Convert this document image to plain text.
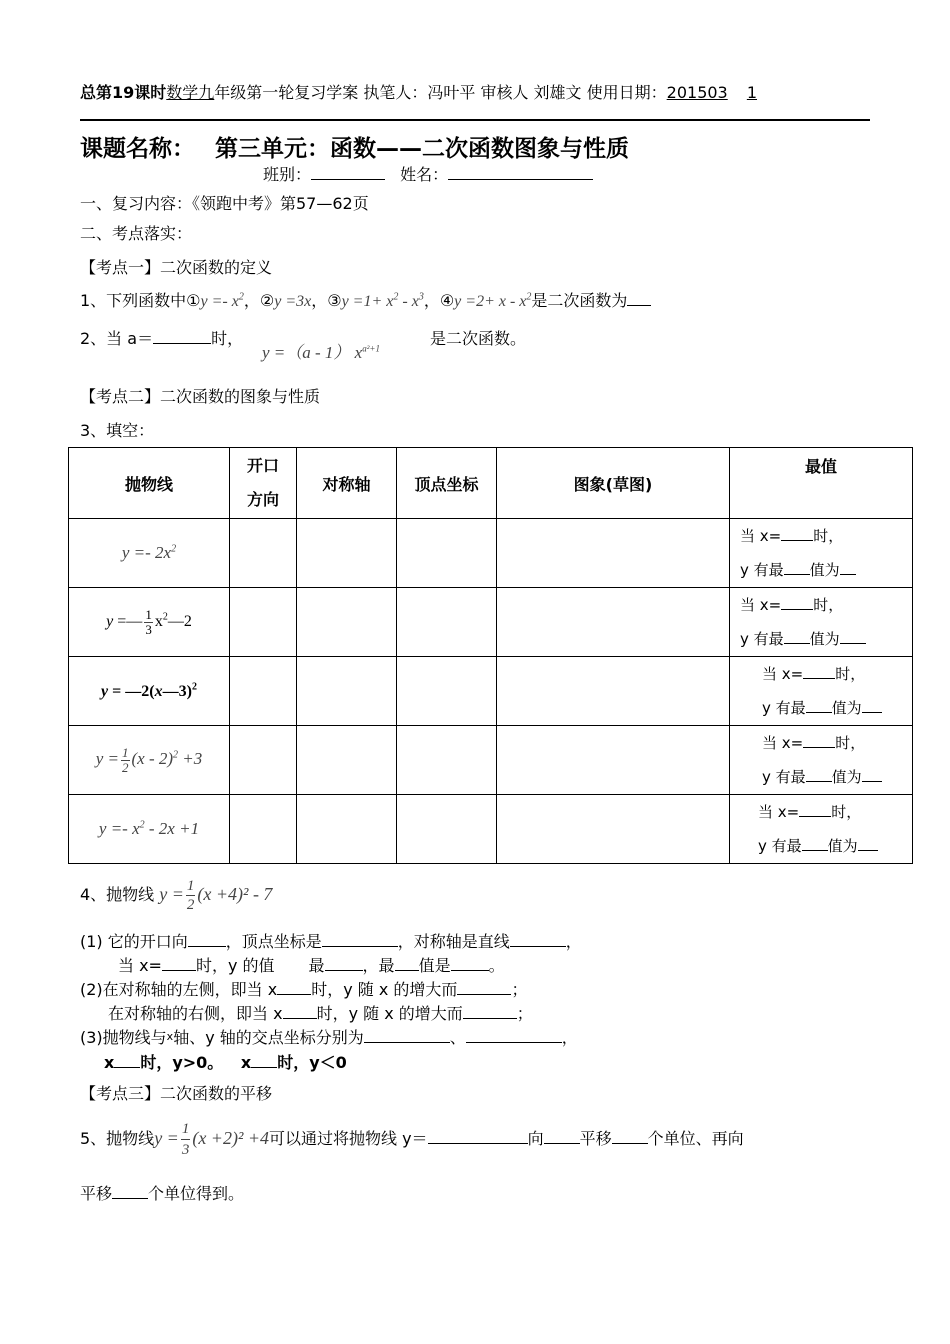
总第19课时数学九年级第一轮复习学案 执笔人：冯叶平 审核人 刘雄文 使用日期：201503 1
课题名称： 第三单元：函数——二次函数图象与性质
班别：	姓名：
一、复习内容：《领跑中考》第57—62页
二、考点落实：
【考点一】二次函数的定义
1、下列函数中①y =- $x^2$，②y =3x，③y $=1+ x^2 - x^3$，④y $=2+ x - x^2$是二次函数为
2、当 a＝	时，
y =（a - 1） $x^{a^2+1}$
是二次函数。
【考点二】二次函数的图象与性质
3、填空：
抛物线	开口
方向	对称轴	顶点坐标	图象(草图)	最值
$y =- 2x^2$					当 x= 时，
y 有最 值为
y =— $\frac{1}{3}$ $x^2—2$					当 x= 时，
y 有最 值为
y = —2(x—3)$^2$					当 x= 时，
y 有最 值为
$y = \frac{1}{2} (x - 2)^2 +3$					当 x= 时，
y 有最 值为
$y =- x^2 - 2x +1$					当 x= 时，
y 有最 值为
4、抛物线 $y = \frac{1}{2} (x +4)^2 - 7$
(1) 它的开口向 ，顶点坐标是	，对称轴是直线	，
当 x= 时，y 的值 最 ，最 值是 。
(2)在对称轴的左侧，即当 x 时，y 随 x 的增大而	；
在对称轴的右侧，即当 x 时，y 随 x 的增大而	；
(3)抛物线与x轴、y 轴的交点坐标分别为	、	，
x 时，y>0。 x 时，y＜0
【考点三】二次函数的平移
5、抛物线$y = \frac{1}{3} (x +2)^2 +4$可以通过将抛物线 y＝	向 平移 个单位、再向
平移 个单位得到。
